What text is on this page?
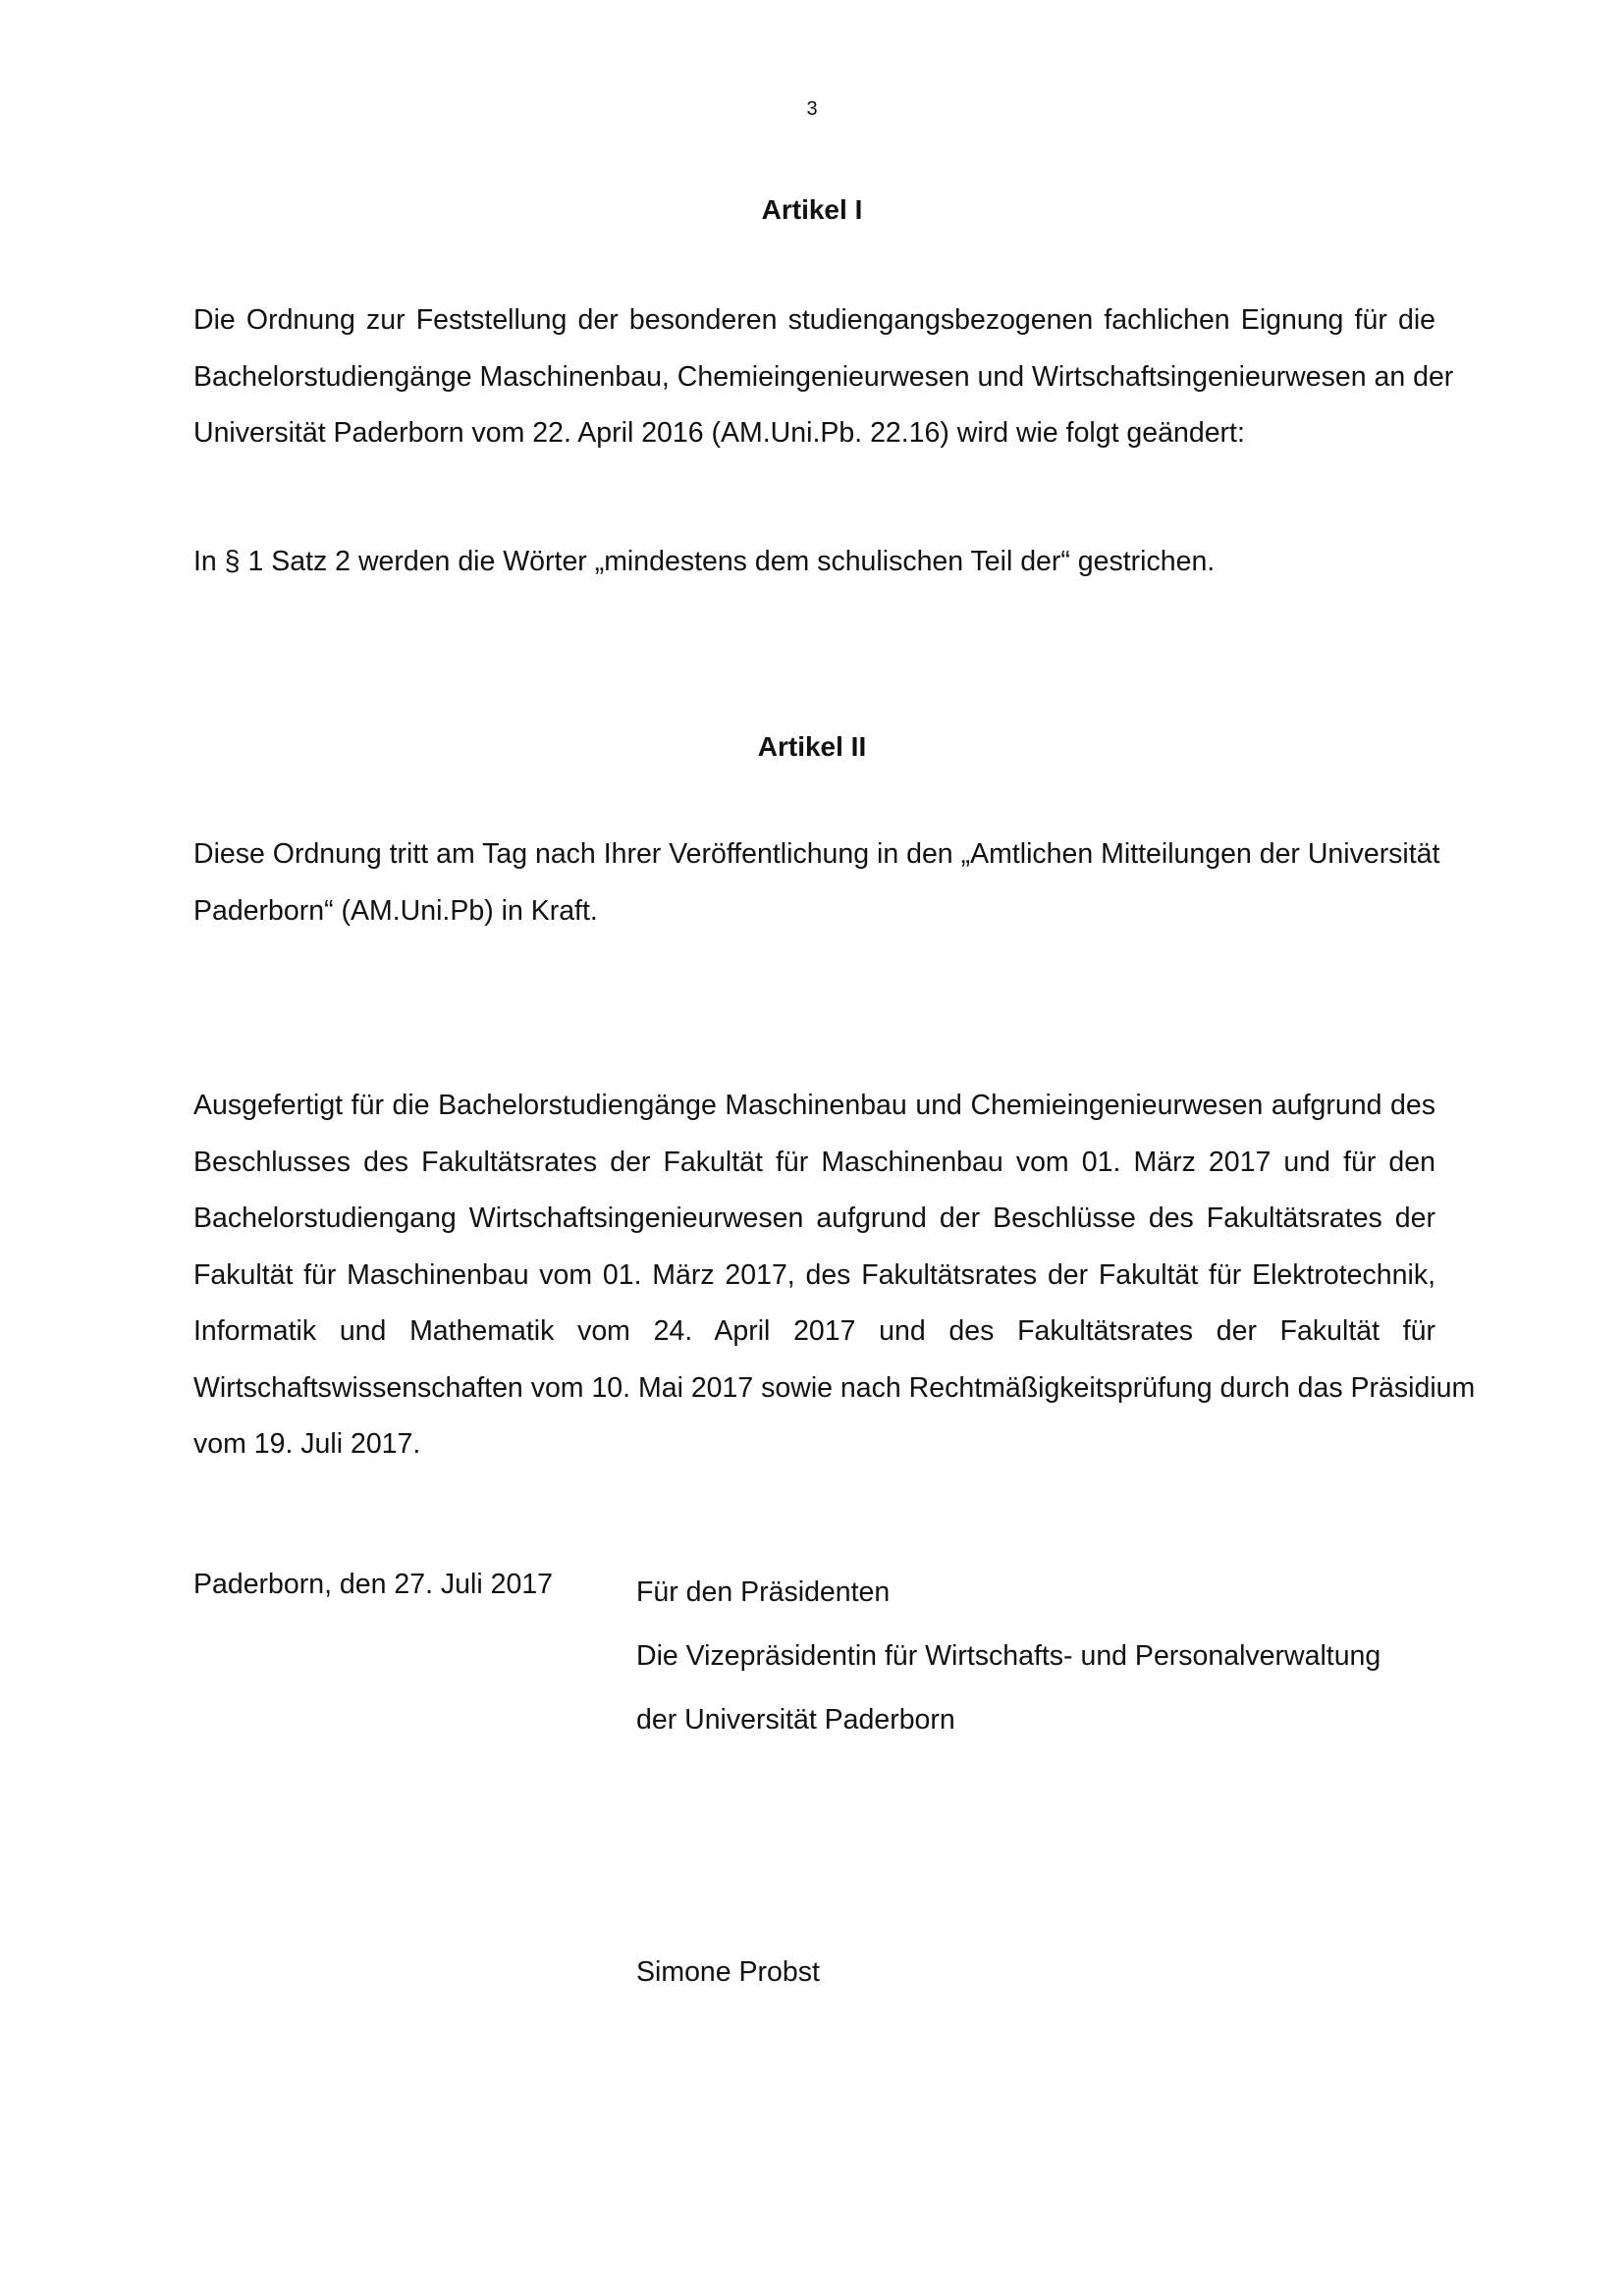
3
Artikel I

Die Ordnung zur Feststellung der besonderen studiengangsbezogenen fachlichen Eignung für die
Bachelorstudiengänge Maschinenbau, Chemieingenieurwesen und Wirtschaftsingenieurwesen an der
Universität Paderborn vom 22. April 2016 (AM.Uni.Pb. 22.16) wird wie folgt geändert:

In § 1 Satz 2 werden die Wörter „mindestens dem schulischen Teil der“ gestrichen.

Artikel II

Diese Ordnung tritt am Tag nach Ihrer Veröffentlichung in den „Amtlichen Mitteilungen der Universität
Paderborn“ (AM.Uni.Pb) in Kraft.

Ausgefertigt für die Bachelorstudiengänge Maschinenbau und Chemieingenieurwesen aufgrund des
Beschlusses des Fakultätsrates der Fakultät für Maschinenbau vom 01. März 2017 und für den
Bachelorstudiengang Wirtschaftsingenieurwesen aufgrund der Beschlüsse des Fakultätsrates der
Fakultät für Maschinenbau vom 01. März 2017, des Fakultätsrates der Fakultät für Elektrotechnik,
Informatik und Mathematik vom 24. April 2017 und des Fakultätsrates der Fakultät für
Wirtschaftswissenschaften vom 10. Mai 2017 sowie nach Rechtmäßigkeitsprüfung durch das Präsidium
vom 19. Juli 2017.

Paderborn, den 27. Juli 2017	Für den Präsidenten
Die Vizepräsidentin für Wirtschafts- und Personalverwaltung
der Universität Paderborn

Simone Probst
